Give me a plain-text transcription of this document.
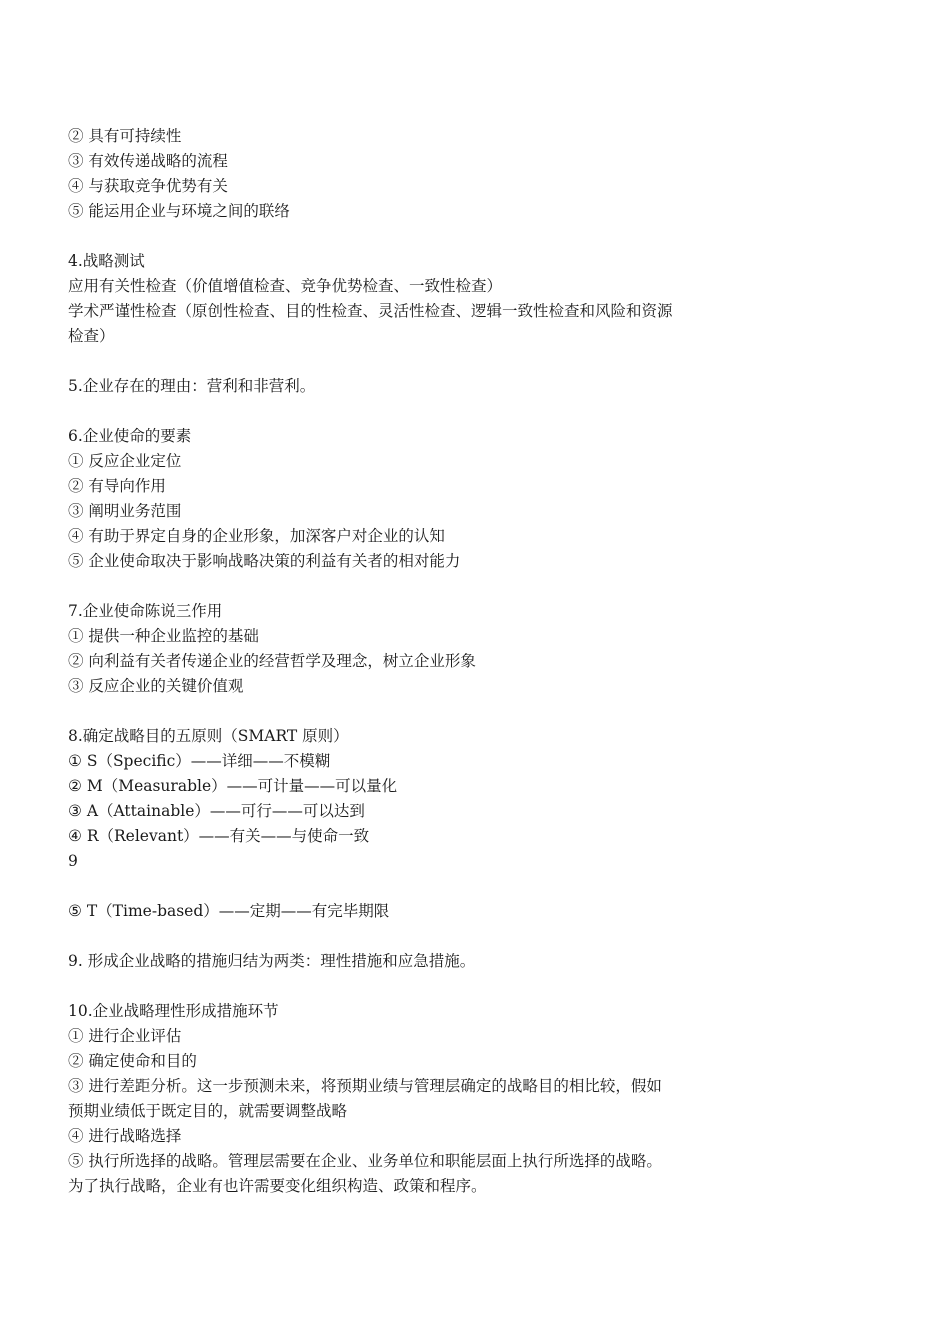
② 具有可持续性
③ 有效传递战略的流程
④ 与获取竞争优势有关
⑤ 能运用企业与环境之间的联络
4.战略测试
应用有关性检查（价值增值检查、竞争优势检查、一致性检查）
学术严谨性检查（原创性检查、目的性检查、灵活性检查、逻辑一致性检查和风险和资源
检查）
5.企业存在的理由：营利和非营利。
6.企业使命的要素
① 反应企业定位
② 有导向作用
③ 阐明业务范围
④ 有助于界定自身的企业形象，加深客户对企业的认知
⑤ 企业使命取决于影响战略决策的利益有关者的相对能力
7.企业使命陈说三作用
① 提供一种企业监控的基础
② 向利益有关者传递企业的经营哲学及理念，树立企业形象
③ 反应企业的关键价值观
8.确定战略目的五原则（SMART 原则）
① S（Specific）——详细——不模糊
② M（Measurable）——可计量——可以量化
③ A（Attainable）——可行——可以达到
④ R（Relevant）——有关——与使命一致
9
⑤ T（Time-based）——定期——有完毕期限
9. 形成企业战略的措施归结为两类：理性措施和应急措施。
10.企业战略理性形成措施环节
① 进行企业评估
② 确定使命和目的
③ 进行差距分析。这一步预测未来，将预期业绩与管理层确定的战略目的相比较，假如
预期业绩低于既定目的，就需要调整战略
④ 进行战略选择
⑤ 执行所选择的战略。管理层需要在企业、业务单位和职能层面上执行所选择的战略。
为了执行战略，企业有也许需要变化组织构造、政策和程序。
